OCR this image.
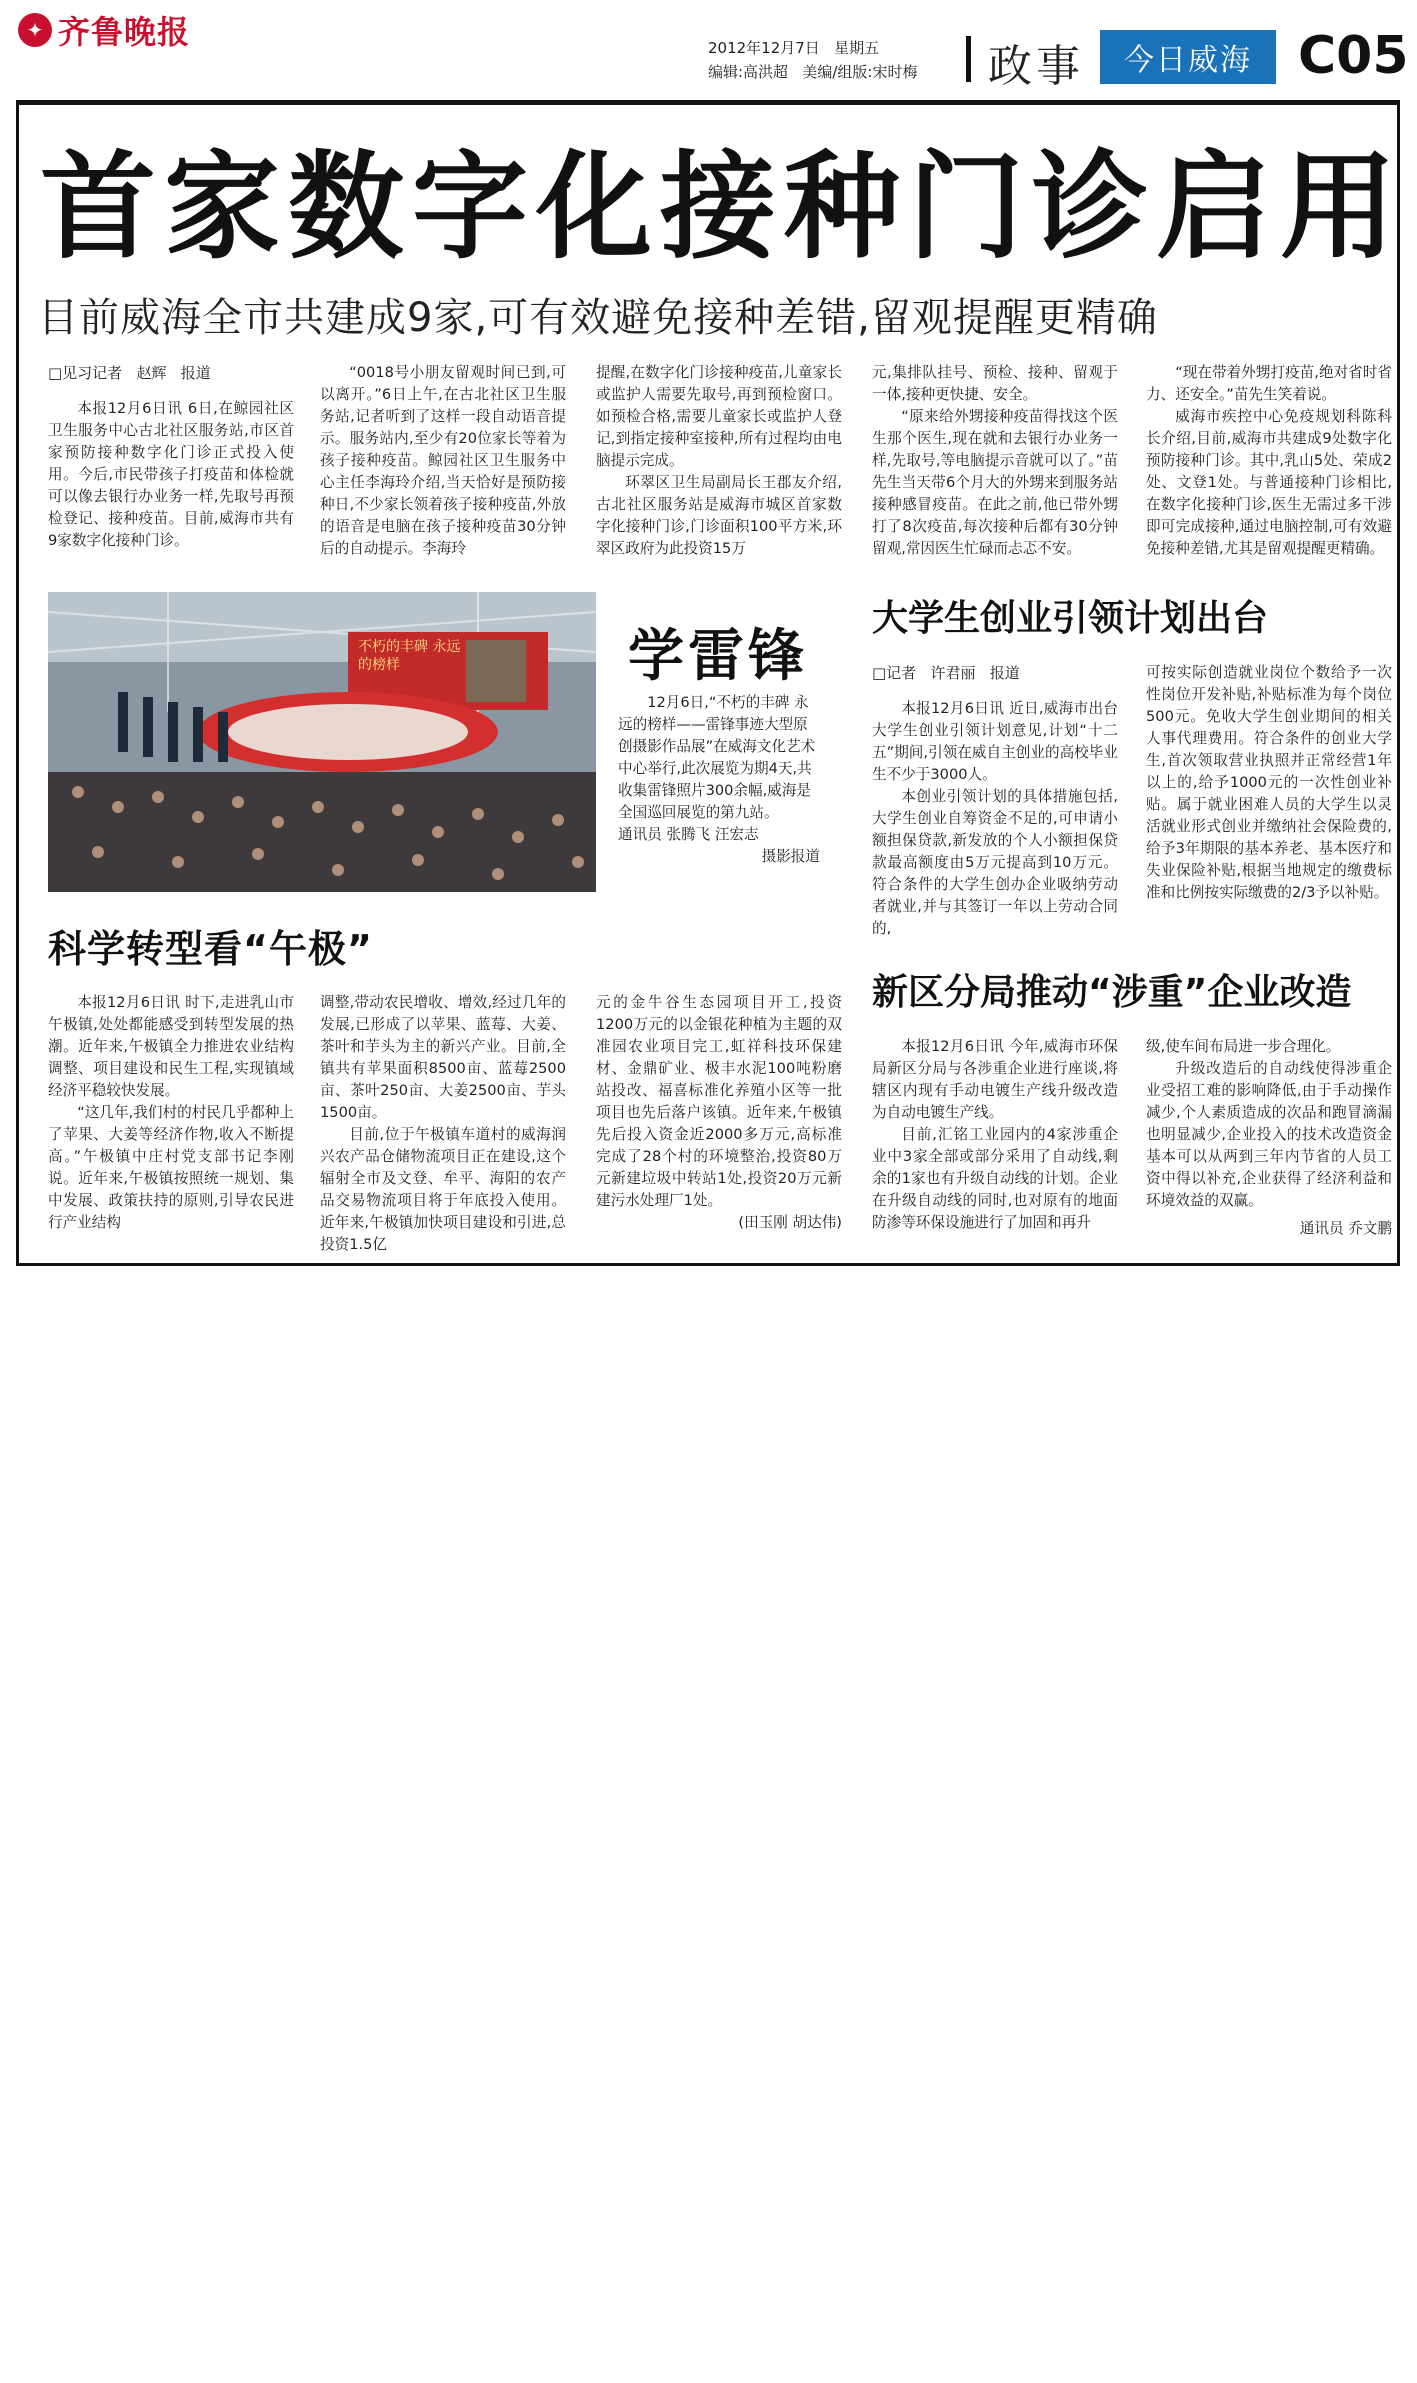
✦ 齐鲁晚报	2012年12月7日   星期五
编辑:高洪超   美编/组版:宋时梅 政事	今日威海 C05
首家数字化接种门诊启用
目前威海全市共建成9家,可有效避免接种差错,留观提醒更精确

□见习记者   赵辉   报道

本报12月6日讯 6日,在鲸园社区卫生服务中心古北社区服务站,市区首家预防接种数字化门诊正式投入使用。今后,市民带孩子打疫苗和体检就可以像去银行办业务一样,先取号再预检登记、接种疫苗。目前,威海市共有9家数字化接种门诊。

“0018号小朋友留观时间已到,可以离开。”6日上午,在古北社区卫生服务站,记者听到了这样一段自动语音提示。服务站内,至少有20位家长等着为孩子接种疫苗。鲸园社区卫生服务中心主任李海玲介绍,当天恰好是预防接种日,不少家长领着孩子接种疫苗,外放的语音是电脑在孩子接种疫苗30分钟后的自动提示。李海玲

提醒,在数字化门诊接种疫苗,儿童家长或监护人需要先取号,再到预检窗口。如预检合格,需要儿童家长或监护人登记,到指定接种室接种,所有过程均由电脑提示完成。

环翠区卫生局副局长王郡友介绍,古北社区服务站是威海市城区首家数字化接种门诊,门诊面积100平方米,环翠区政府为此投资15万

元,集排队挂号、预检、接种、留观于一体,接种更快捷、安全。

“原来给外甥接种疫苗得找这个医生那个医生,现在就和去银行办业务一样,先取号,等电脑提示音就可以了。”苗先生当天带6个月大的外甥来到服务站接种感冒疫苗。在此之前,他已带外甥打了8次疫苗,每次接种后都有30分钟留观,常因医生忙碌而忐忑不安。

“现在带着外甥打疫苗,绝对省时省力、还安全。”苗先生笑着说。

威海市疾控中心免疫规划科陈科长介绍,目前,威海市共建成9处数字化预防接种门诊。其中,乳山5处、荣成2处、文登1处。与普通接种门诊相比,在数字化接种门诊,医生无需过多干涉即可完成接种,通过电脑控制,可有效避免接种差错,尤其是留观提醒更精确。

不朽的丰碑 永远的榜样	学雷锋

12月6日,“不朽的丰碑 永远的榜样——雷锋事迹大型原创摄影作品展”在威海文化艺术中心举行,此次展览为期4天,共收集雷锋照片300余幅,威海是全国巡回展览的第九站。

通讯员 张腾飞 汪宏志

摄影报道

大学生创业引领计划出台

□记者   许君丽   报道

本报12月6日讯 近日,威海市出台大学生创业引领计划意见,计划“十二五”期间,引领在威自主创业的高校毕业生不少于3000人。

本创业引领计划的具体措施包括,大学生创业自筹资金不足的,可申请小额担保贷款,新发放的个人小额担保贷款最高额度由5万元提高到10万元。符合条件的大学生创办企业吸纳劳动者就业,并与其签订一年以上劳动合同的,

可按实际创造就业岗位个数给予一次性岗位开发补贴,补贴标准为每个岗位500元。免收大学生创业期间的相关人事代理费用。符合条件的创业大学生,首次领取营业执照并正常经营1年以上的,给予1000元的一次性创业补贴。属于就业困难人员的大学生以灵活就业形式创业并缴纳社会保险费的,给予3年期限的基本养老、基本医疗和失业保险补贴,根据当地规定的缴费标准和比例按实际缴费的2/3予以补贴。

科学转型看“午极”

本报12月6日讯 时下,走进乳山市午极镇,处处都能感受到转型发展的热潮。近年来,午极镇全力推进农业结构调整、项目建设和民生工程,实现镇域经济平稳较快发展。

“这几年,我们村的村民几乎都种上了苹果、大姜等经济作物,收入不断提高。”午极镇中庄村党支部书记李刚说。近年来,午极镇按照统一规划、集中发展、政策扶持的原则,引导农民进行产业结构

调整,带动农民增收、增效,经过几年的发展,已形成了以苹果、蓝莓、大姜、茶叶和芋头为主的新兴产业。目前,全镇共有苹果面积8500亩、蓝莓2500亩、茶叶250亩、大姜2500亩、芋头1500亩。

目前,位于午极镇车道村的威海润兴农产品仓储物流项目正在建设,这个辐射全市及文登、牟平、海阳的农产品交易物流项目将于年底投入使用。近年来,午极镇加快项目建设和引进,总投资1.5亿

元的金牛谷生态园项目开工,投资1200万元的以金银花种植为主题的双准园农业项目完工,虹祥科技环保建材、金鼎矿业、极丰水泥100吨粉磨站投改、福喜标准化养殖小区等一批项目也先后落户该镇。近年来,午极镇先后投入资金近2000多万元,高标准完成了28个村的环境整治,投资80万元新建垃圾中转站1处,投资20万元新建污水处理厂1处。

(田玉刚 胡达伟)

新区分局推动“涉重”企业改造

本报12月6日讯 今年,威海市环保局新区分局与各涉重企业进行座谈,将辖区内现有手动电镀生产线升级改造为自动电镀生产线。

目前,汇铭工业园内的4家涉重企业中3家全部或部分采用了自动线,剩余的1家也有升级自动线的计划。企业在升级自动线的同时,也对原有的地面防渗等环保设施进行了加固和再升

级,使车间布局进一步合理化。

升级改造后的自动线使得涉重企业受招工难的影响降低,由于手动操作减少,个人素质造成的次品和跑冒滴漏也明显减少,企业投入的技术改造资金基本可以从两到三年内节省的人员工资中得以补充,企业获得了经济利益和环境效益的双赢。

通讯员 乔文鹏
